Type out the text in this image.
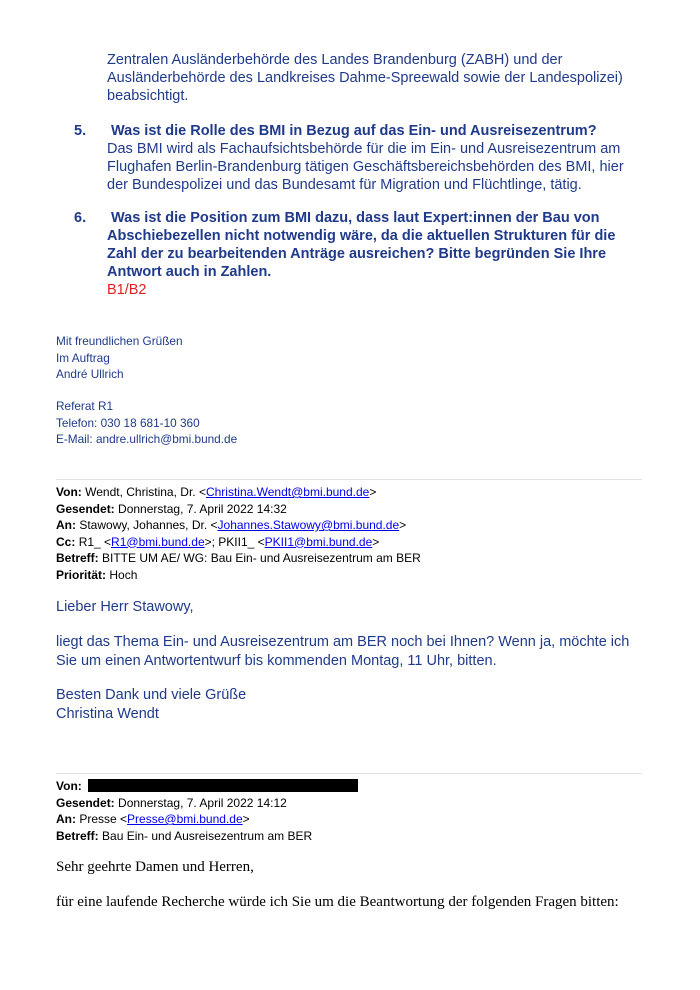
Zentralen Ausländerbehörde des Landes Brandenburg (ZABH) und der
Ausländerbehörde des Landkreises Dahme-Spreewald sowie der Landespolizei)
beabsichtigt.
5. Was ist die Rolle des BMI in Bezug auf das Ein- und Ausreisezentrum?
Das BMI wird als Fachaufsichtsbehörde für die im Ein- und Ausreisezentrum am
Flughafen Berlin-Brandenburg tätigen Geschäftsbereichsbehörden des BMI, hier
der Bundespolizei und das Bundesamt für Migration und Flüchtlinge, tätig.
6. Was ist die Position zum BMI dazu, dass laut Expert:innen der Bau von
Abschiebezellen nicht notwendig wäre, da die aktuellen Strukturen für die
Zahl der zu bearbeitenden Anträge ausreichen? Bitte begründen Sie Ihre
Antwort auch in Zahlen.
B1/B2
Mit freundlichen Grüßen
Im Auftrag
André Ullrich
Referat R1
Telefon: 030 18 681-10 360
E-Mail: andre.ullrich@bmi.bund.de
Von: Wendt, Christina, Dr. <Christina.Wendt@bmi.bund.de>
Gesendet: Donnerstag, 7. April 2022 14:32
An: Stawowy, Johannes, Dr. <Johannes.Stawowy@bmi.bund.de>
Cc: R1_ <R1@bmi.bund.de>; PKII1_ <PKII1@bmi.bund.de>
Betreff: BITTE UM AE/ WG: Bau Ein- und Ausreisezentrum am BER
Priorität: Hoch
Lieber Herr Stawowy,
liegt das Thema Ein- und Ausreisezentrum am BER noch bei Ihnen? Wenn ja, möchte ich
Sie um einen Antwortentwurf bis kommenden Montag, 11 Uhr, bitten.
Besten Dank und viele Grüße
Christina Wendt
Von:
Gesendet: Donnerstag, 7. April 2022 14:12
An: Presse <Presse@bmi.bund.de>
Betreff: Bau Ein- und Ausreisezentrum am BER
Sehr geehrte Damen und Herren,
für eine laufende Recherche würde ich Sie um die Beantwortung der folgenden Fragen bitten:
